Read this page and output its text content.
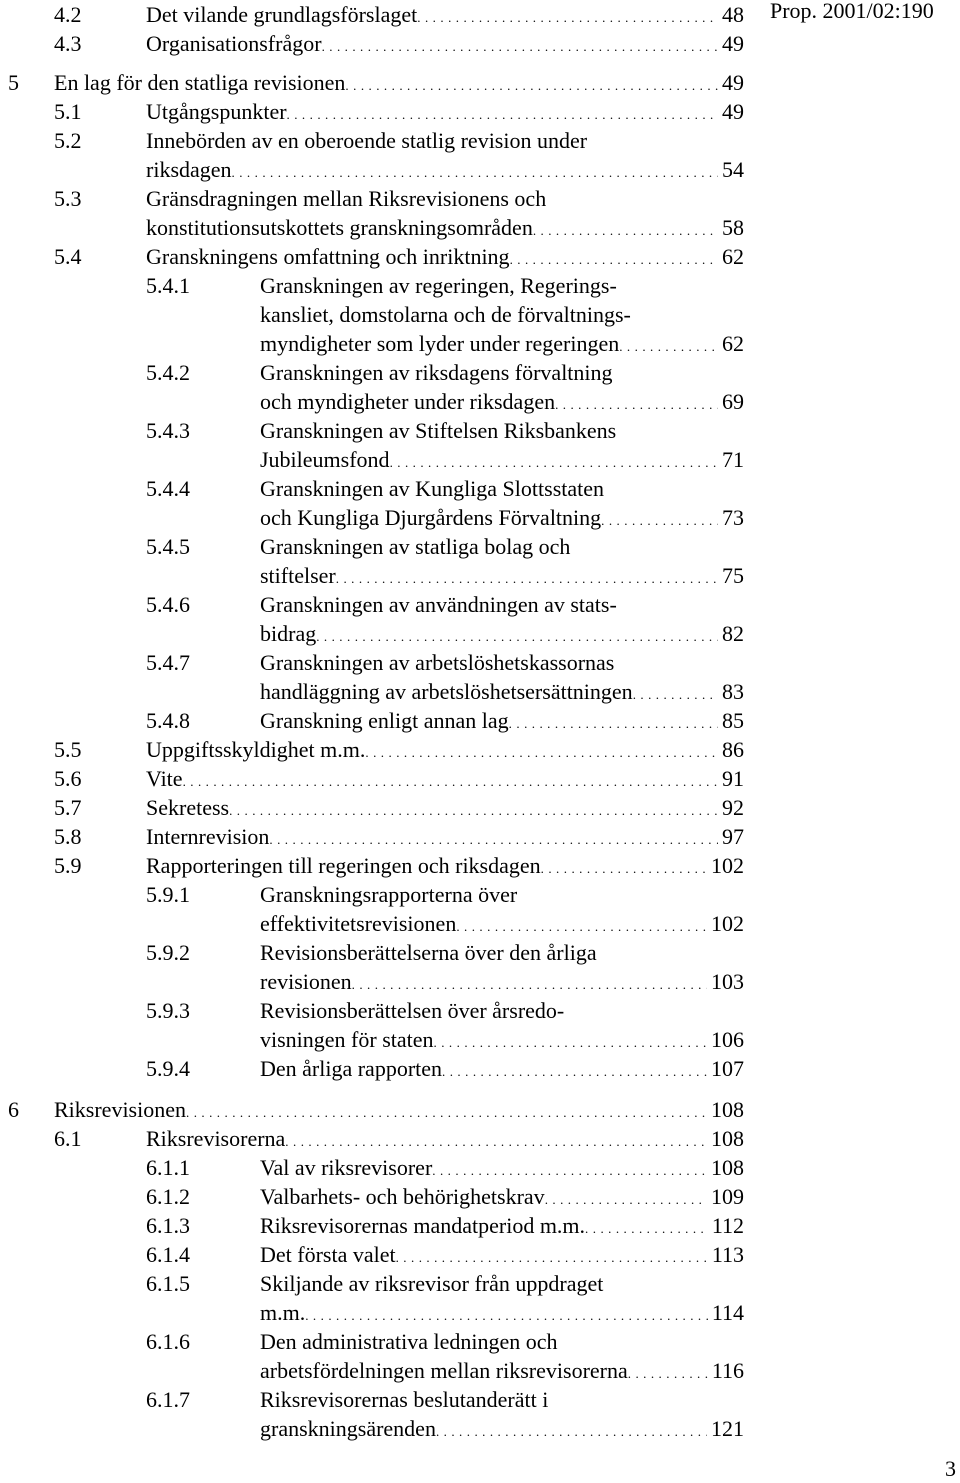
Prop. 2001/02:190
4.2	Det vilande grundlagsförslaget . . .	48
4.3	Organisationsfrågor . . .	49
5 En lag för den statliga revisionen . . .	49
5.1	Utgångspunkter . . .	49
5.2	Innebörden av en oberoende statlig revision under
riksdagen . . .	54
5.3	Gränsdragningen mellan Riksrevisionens och
konstitutionsutskottets granskningsområden . . .	58
5.4	Granskningens omfattning och inriktning . . .	62
5.4.1	Granskningen av regeringen, Regerings-
kansliet, domstolarna och de förvaltnings-
myndigheter som lyder under regeringen . . .	62
5.4.2	Granskningen av riksdagens förvaltning
och myndigheter under riksdagen . . .	69
5.4.3	Granskningen av Stiftelsen Riksbankens
Jubileumsfond . . .	71
5.4.4	Granskningen av Kungliga Slottsstaten
och Kungliga Djurgårdens Förvaltning . . .	73
5.4.5	Granskningen av statliga bolag och
stiftelser . . .	75
5.4.6	Granskningen av användningen av stats-
bidrag . . .	82
5.4.7	Granskningen av arbetslöshetskassornas
handläggning av arbetslöshetsersättningen . . .	83
5.4.8	Granskning enligt annan lag . . .	85
5.5	Uppgiftsskyldighet m.m. . . .	86
5.6	Vite . . .	91
5.7	Sekretess . . .	92
5.8	Internrevision . . .	97
5.9	Rapporteringen till regeringen och riksdagen . . .	102
5.9.1	Granskningsrapporterna över
effektivitetsrevisionen . . .	102
5.9.2	Revisionsberättelserna över den årliga
revisionen . . .	103
5.9.3	Revisionsberättelsen över årsredo-
visningen för staten . . .	106
5.9.4	Den årliga rapporten . . .	107
6 Riksrevisionen . . .	108
6.1	Riksrevisorerna . . .	108
6.1.1	Val av riksrevisorer . . .	108
6.1.2	Valbarhets- och behörighetskrav . . .	109
6.1.3	Riksrevisorernas mandatperiod m.m. . . .	112
6.1.4	Det första valet . . .	113
6.1.5	Skiljande av riksrevisor från uppdraget
m.m. . . .	114
6.1.6	Den administrativa ledningen och
arbetsfördelningen mellan riksrevisorerna . . .	116
6.1.7	Riksrevisorernas beslutanderätt i
granskningsärenden . . .	121
3
